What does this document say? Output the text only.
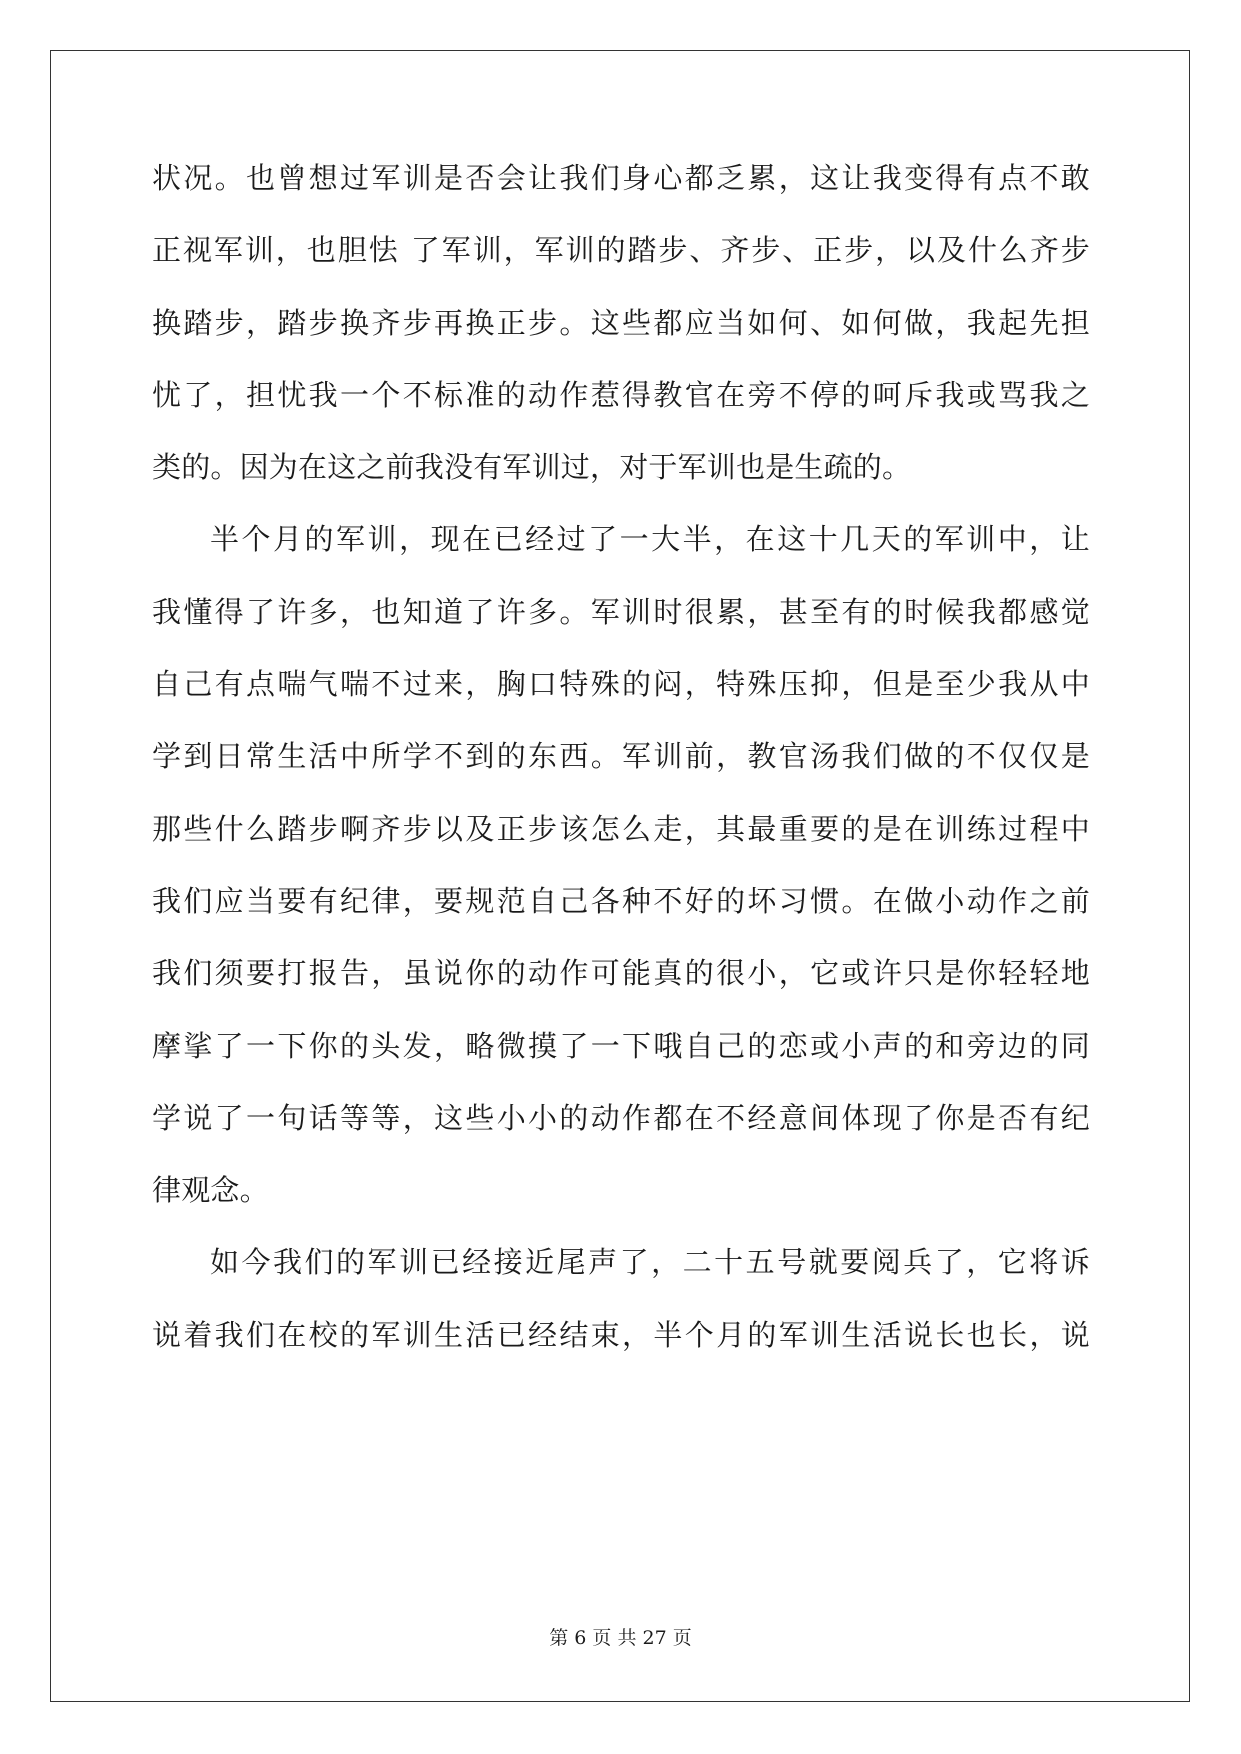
状况。也曾想过军训是否会让我们身心都乏累，这让我变得有点不敢
正视军训，也胆怯 了军训，军训的踏步、齐步、正步，以及什么齐步
换踏步，踏步换齐步再换正步。这些都应当如何、如何做，我起先担
忧了，担忧我一个不标准的动作惹得教官在旁不停的呵斥我或骂我之
类的。因为在这之前我没有军训过，对于军训也是生疏的。
半个月的军训，现在已经过了一大半，在这十几天的军训中，让
我懂得了许多，也知道了许多。军训时很累，甚至有的时候我都感觉
自己有点喘气喘不过来，胸口特殊的闷，特殊压抑，但是至少我从中
学到日常生活中所学不到的东西。军训前，教官汤我们做的不仅仅是
那些什么踏步啊齐步以及正步该怎么走，其最重要的是在训练过程中
我们应当要有纪律，要规范自己各种不好的坏习惯。在做小动作之前
我们须要打报告，虽说你的动作可能真的很小，它或许只是你轻轻地
摩挲了一下你的头发，略微摸了一下哦自己的恋或小声的和旁边的同
学说了一句话等等，这些小小的动作都在不经意间体现了你是否有纪
律观念。
如今我们的军训已经接近尾声了，二十五号就要阅兵了，它将诉
说着我们在校的军训生活已经结束，半个月的军训生活说长也长，说
第 6 页 共 27 页
